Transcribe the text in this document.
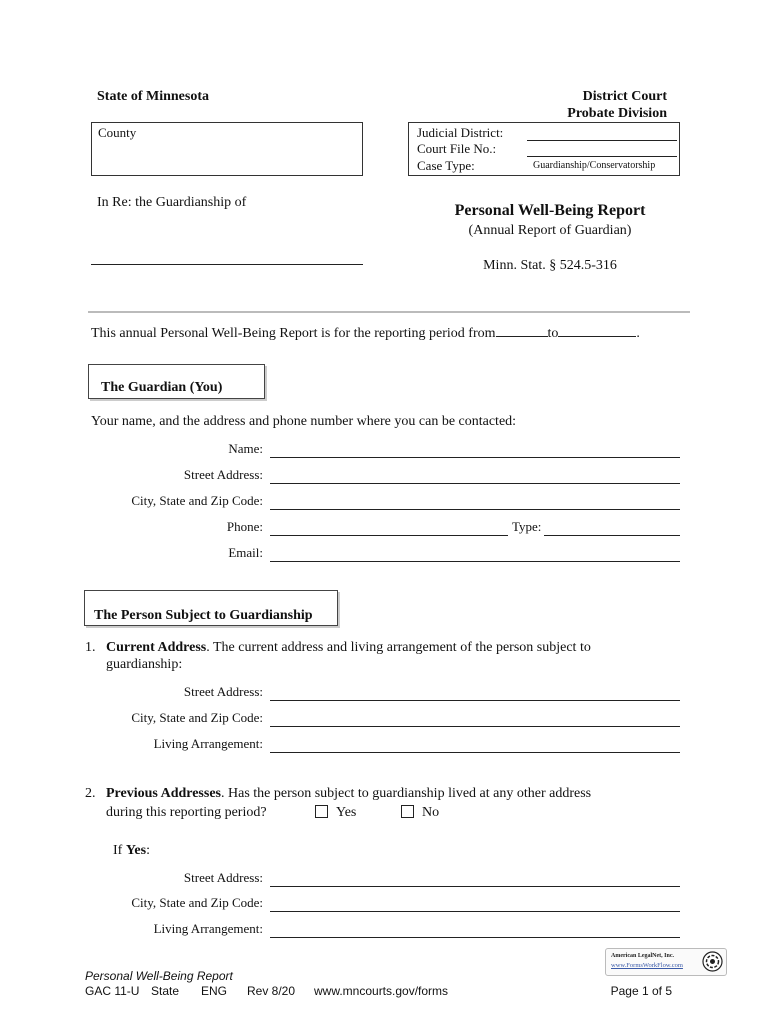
State of Minnesota	District Court
Probate Division
County	Judicial District:
Court File No.:
Case Type:	Guardianship/Conservatorship
In Re: the Guardianship of	Personal Well-Being Report
(Annual Report of Guardian)
Minn. Stat. § 524.5-316
This annual Personal Well-Being Report is for the reporting period from	to	.
The Guardian (You)
Your name, and the address and phone number where you can be contacted:
Name:
Street Address:
City, State and Zip Code:
Phone:	Type:
Email:
The Person Subject to Guardianship
1. Current Address. The current address and living arrangement of the person subject to
guardianship:
Street Address:
City, State and Zip Code:
Living Arrangement:
2. Previous Addresses. Has the person subject to guardianship lived at any other address
during this reporting period?	Yes	No
If Yes:
Street Address:
City, State and Zip Code:
Living Arrangement:
American LegalNet, Inc.
www.FormsWorkFlow.com
Personal Well-Being Report
GAC 11-U State ENG Rev 8/20 www.mncourts.gov/forms	Page 1 of 5
